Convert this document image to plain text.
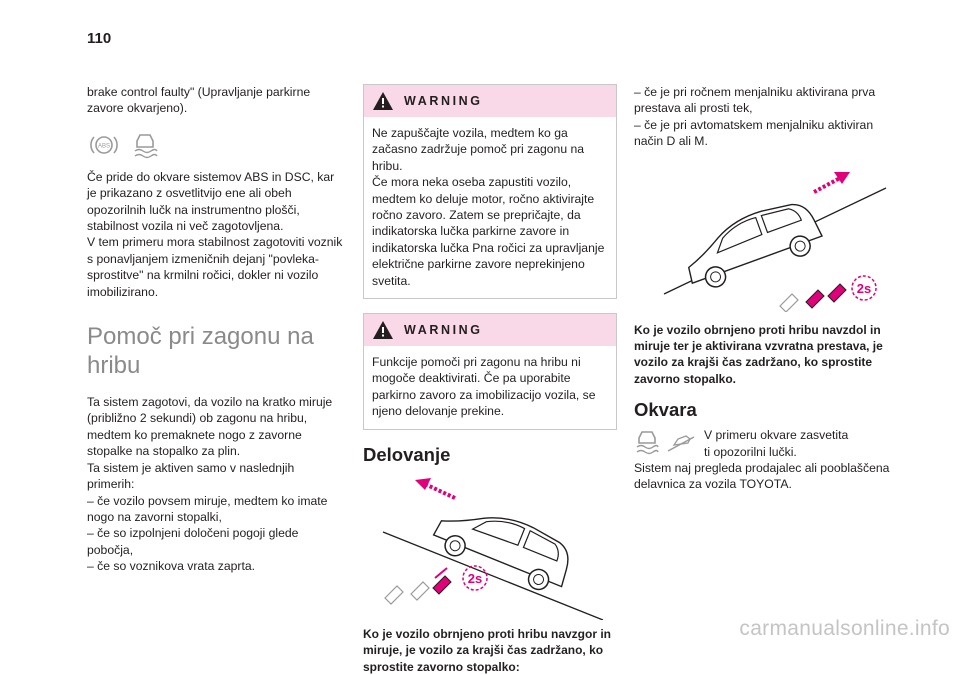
110

brake control faulty" (Upravljanje parkirne zavore okvarjeno).

ABS

Če pride do okvare sistemov ABS in DSC, kar je prikazano z osvetlitvijo ene ali obeh opozorilnih lučk na instrumentno plošči, stabilnost vozila ni več zagotovljena.

V tem primeru mora stabilnost zagotoviti voznik s ponavljanjem izmeničnih dejanj "povleka-sprostitve" na krmilni ročici, dokler ni vozilo imobilizirano.

Pomoč pri zagonu na hribu

Ta sistem zagotovi, da vozilo na kratko miruje (približno 2 sekundi) ob zagonu na hribu, medtem ko premaknete nogo z zavorne stopalke na stopalko za plin.

Ta sistem je aktiven samo v naslednjih primerih:

– če vozilo povsem miruje, medtem ko imate nogo na zavorni stopalki,

– če so izpolnjeni določeni pogoji glede pobočja,

– če so voznikova vrata zaprta.

WARNING

Ne zapuščajte vozila, medtem ko ga začasno zadržuje pomoč pri zagonu na hribu.

Če mora neka oseba zapustiti vozilo, medtem ko deluje motor, ročno aktivirajte ročno zavoro. Zatem se prepričajte, da indikatorska lučka parkirne zavore in indikatorska lučka Pna ročici za upravljanje električne parkirne zavore neprekinjeno svetita.

WARNING

Funkcije pomoči pri zagonu na hribu ni mogoče deaktivirati. Če pa uporabite parkirno zavoro za imobilizacijo vozila, se njeno delovanje prekine.

Delovanje
2s

Ko je vozilo obrnjeno proti hribu navzgor in miruje, je vozilo za krajši čas zadržano, ko sprostite zavorno stopalko:

– če je pri ročnem menjalniku aktivirana prva prestava ali prosti tek,

– če je pri avtomatskem menjalniku aktiviran način D ali M.

2s

Ko je vozilo obrnjeno proti hribu navzdol in miruje ter je aktivirana vzvratna prestava, je vozilo za krajši čas zadržano, ko sprostite zavorno stopalko.

Okvara

V primeru okvare zasvetita ti opozorilni lučki.

Sistem naj pregleda prodajalec ali pooblaščena delavnica za vozila TOYOTA.

carmanualsonline.info
